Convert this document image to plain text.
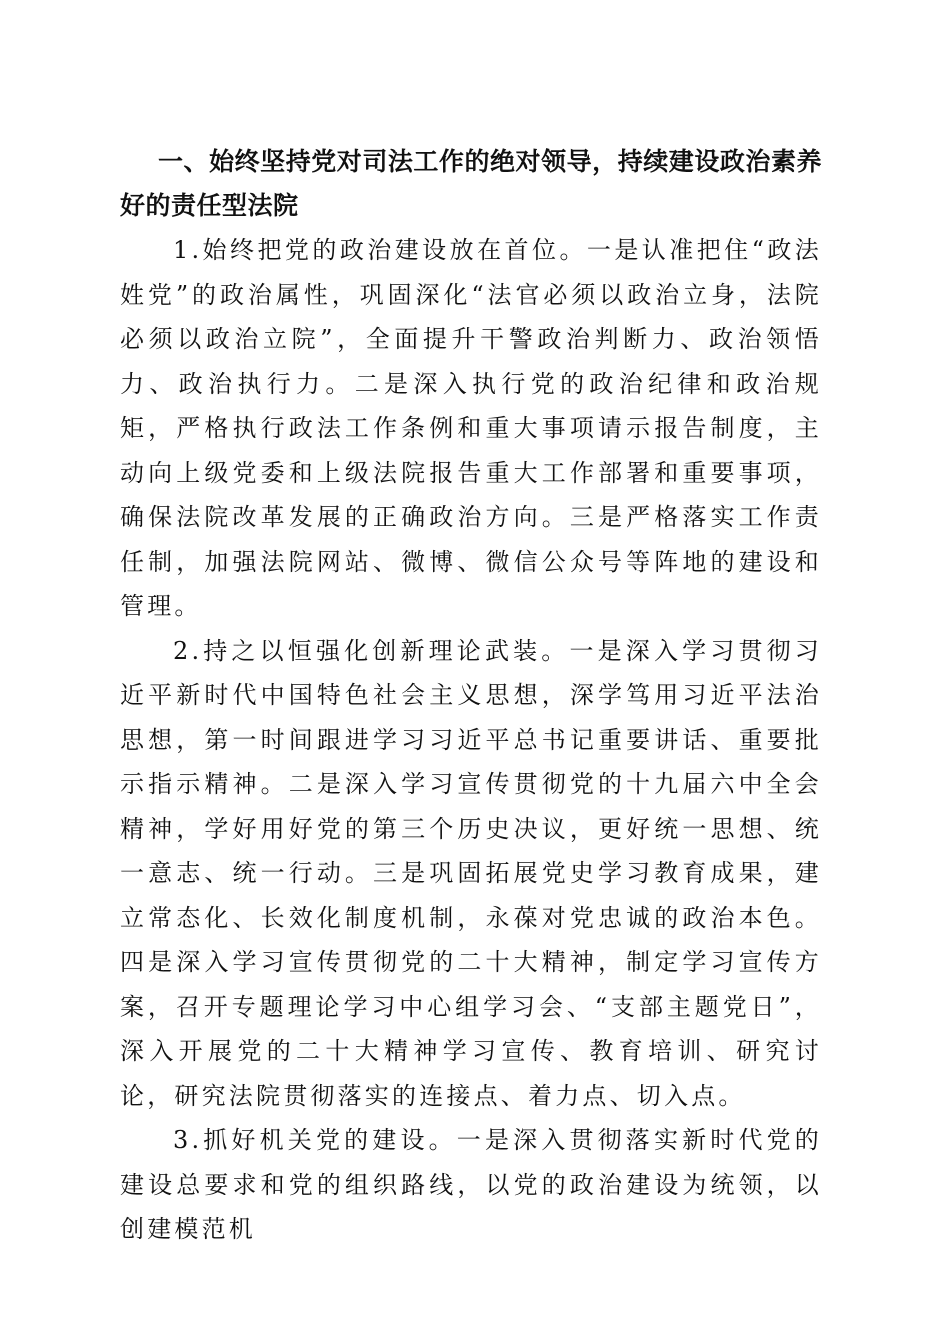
一、始终坚持党对司法工作的绝对领导，持续建设政治素养好的责任型法院

1.始终把党的政治建设放在首位。一是认准把住“政法姓党”的政治属性，巩固深化“法官必须以政治立身，法院必须以政治立院”，全面提升干警政治判断力、政治领悟力、政治执行力。二是深入执行党的政治纪律和政治规矩，严格执行政法工作条例和重大事项请示报告制度，主动向上级党委和上级法院报告重大工作部署和重要事项，确保法院改革发展的正确政治方向。三是严格落实工作责任制，加强法院网站、微博、微信公众号等阵地的建设和管理。

2.持之以恒强化创新理论武装。一是深入学习贯彻习近平新时代中国特色社会主义思想，深学笃用习近平法治思想，第一时间跟进学习习近平总书记重要讲话、重要批示指示精神。二是深入学习宣传贯彻党的十九届六中全会精神，学好用好党的第三个历史决议，更好统一思想、统一意志、统一行动。三是巩固拓展党史学习教育成果，建立常态化、长效化制度机制，永葆对党忠诚的政治本色。四是深入学习宣传贯彻党的二十大精神，制定学习宣传方案，召开专题理论学习中心组学习会、“支部主题党日”，深入开展党的二十大精神学习宣传、教育培训、研究讨论，研究法院贯彻落实的连接点、着力点、切入点。

3.抓好机关党的建设。一是深入贯彻落实新时代党的建设总要求和党的组织路线，以党的政治建设为统领，以创建模范机
